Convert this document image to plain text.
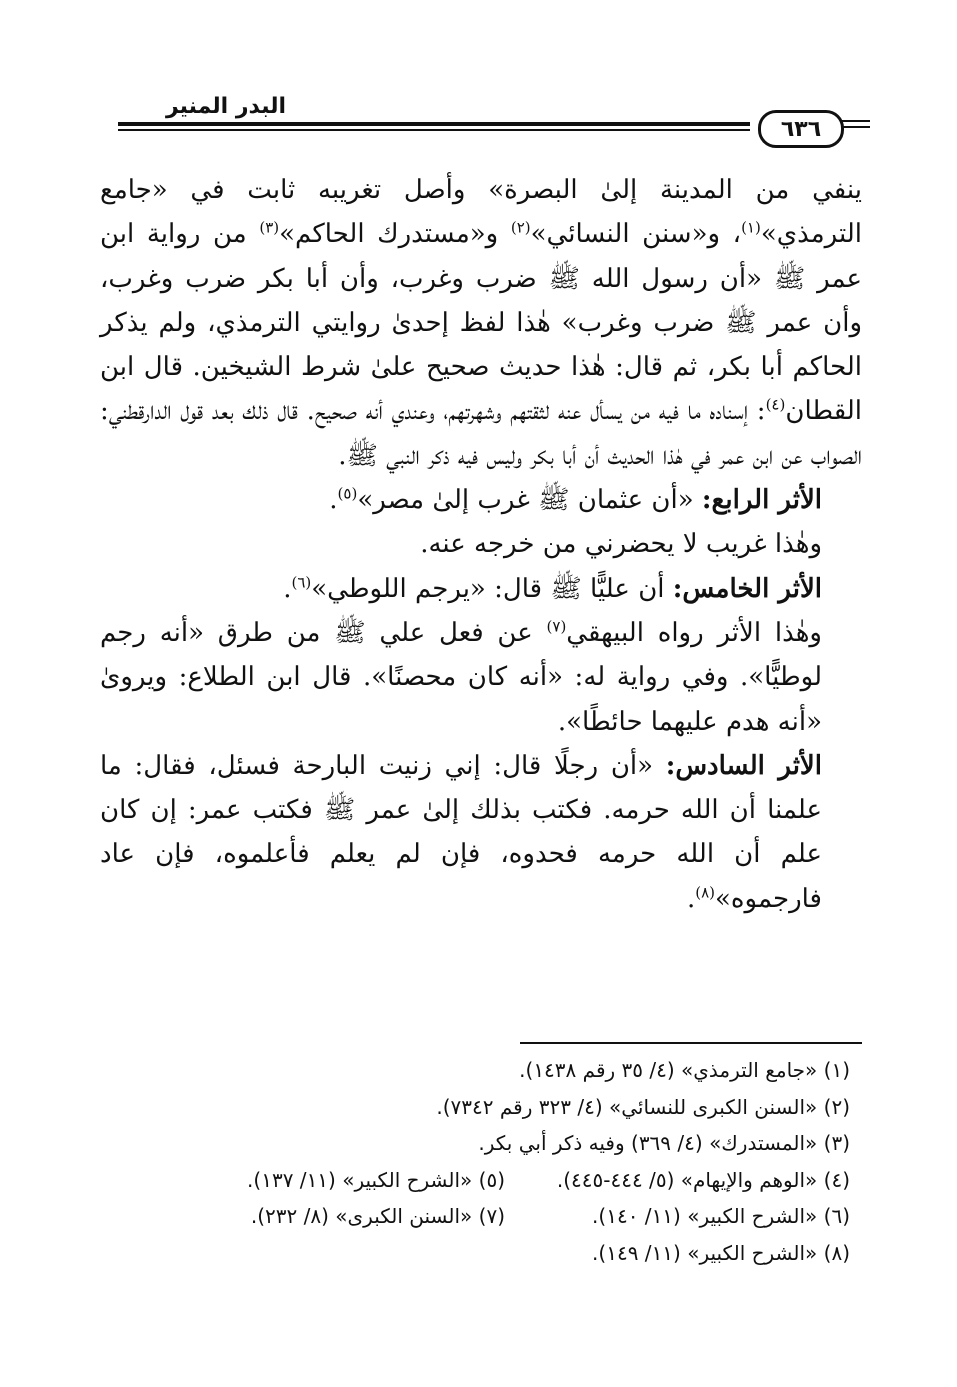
البدر المنير
٦٣٦

ينفي من المدينة إلىٰ البصرة» وأصل تغريبه ثابت في «جامع الترمذي»$^{(١)}$، و«سنن النسائي»$^{(٢)}$ و«مستدرك الحاكم»$^{(٣)}$ من رواية ابن عمر ﷺ «أن رسول الله ﷺ ضرب وغرب، وأن أبا بكر ضرب وغرب، وأن عمر ﷺ ضرب وغرب» هٰذا لفظ إحدىٰ روايتي الترمذي، ولم يذكر الحاكم أبا بكر، ثم قال: هٰذا حديث صحيح علىٰ شرط الشيخين. قال ابن القطان$^{(٤)}$: إسناده ما فيه من يسأل عنه لثقتهم وشهرتهم، وعندي أنه صحيح. قال ذلك بعد قول الدارقطني: الصواب عن ابن عمر في هٰذا الحديث أن أبا بكر وليس فيه ذكر النبي ﷺ.

الأثر الرابع: «أن عثمان ﷺ غرب إلىٰ مصر»$^{(٥)}$.

وهٰذا غريب لا يحضرني من خرجه عنه.

الأثر الخامس: أن عليًّا ﷺ قال: «يرجم اللوطي»$^{(٦)}$.

وهٰذا الأثر رواه البيهقي$^{(٧)}$ عن فعل علي ﷺ من طرق «أنه رجم لوطيًّا». وفي رواية له: «أنه كان محصنًا». قال ابن الطلاع: ويروىٰ «أنه هدم عليهما حائطًا».

الأثر السادس: «أن رجلًا قال: إني زنيت البارحة فسئل، فقال: ما علمنا أن الله حرمه. فكتب بذلك إلىٰ عمر ﷺ فكتب عمر: إن كان علم أن الله حرمه فحدوه، فإن لم يعلم فأعلموه، فإن عاد فارجموه»$^{(٨)}$.

(١) «جامع الترمذي» (٤/ ٣٥ رقم ١٤٣٨).
(٢) «السنن الكبرى للنسائي» (٤/ ٣٢٣ رقم ٧٣٤٢).
(٣) «المستدرك» (٤/ ٣٦٩) وفيه ذكر أبي بكر.
(٤) «الوهم والإيهام» (٥/ ٤٤٤-٤٤٥).
(٥) «الشرح الكبير» (١١/ ١٣٧).
(٦) «الشرح الكبير» (١١/ ١٤٠).
(٧) «السنن الكبرى» (٨/ ٢٣٢).
(٨) «الشرح الكبير» (١١/ ١٤٩).
